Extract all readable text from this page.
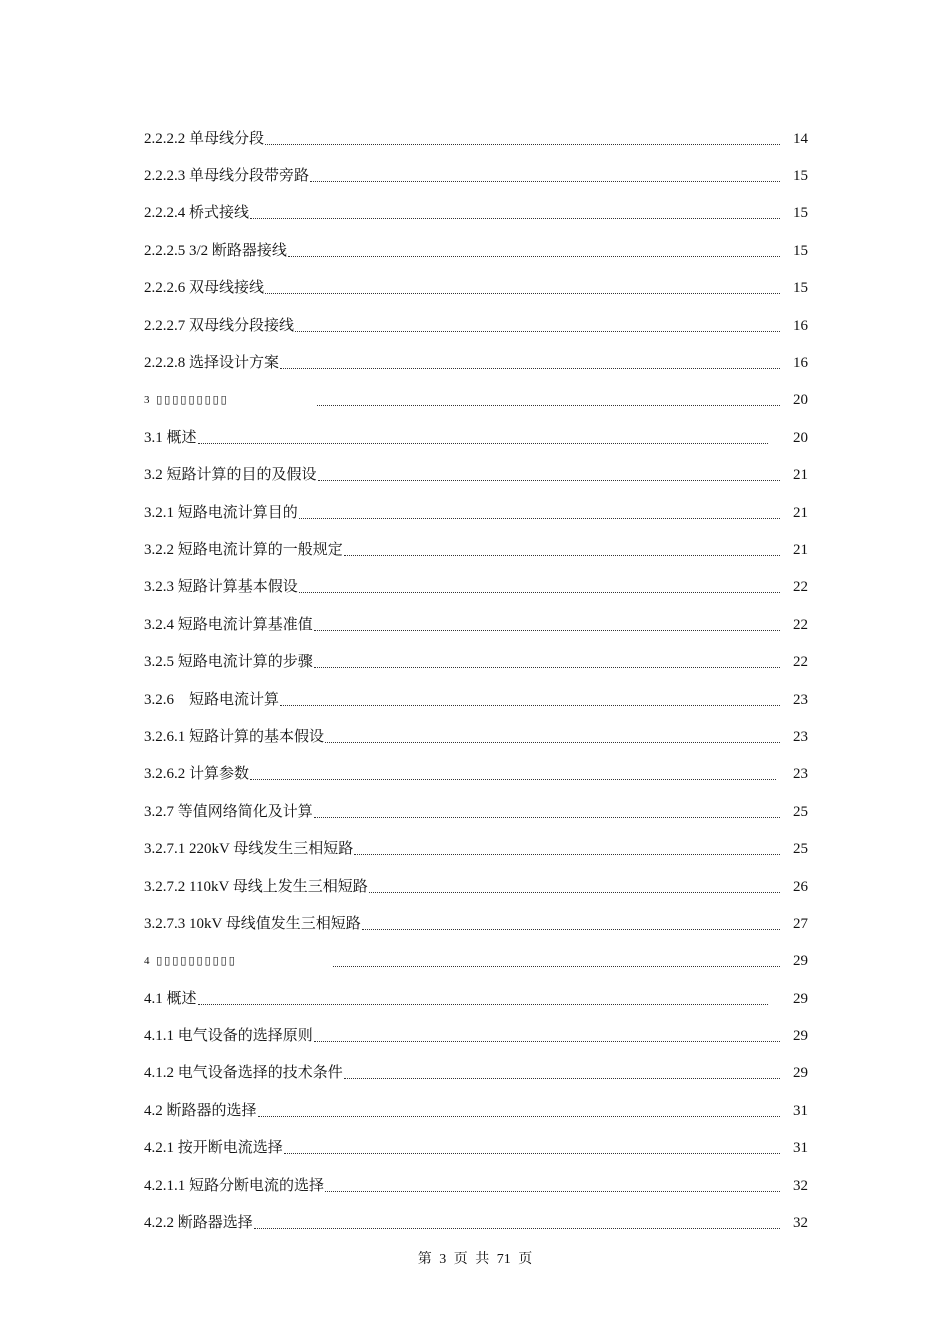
2.2.2.2 单母线分段	14
2.2.2.3 单母线分段带旁路	15
2.2.2.4 桥式接线	15
2.2.2.5 3/2 断路器接线	15
2.2.2.6 双母线接线	15
2.2.2.7 双母线分段接线	16
2.2.2.8 选择设计方案	16
3 ▯▯▯▯▯▯▯▯▯	20
3.1 概述	20
3.2 短路计算的目的及假设	21
3.2.1 短路电流计算目的	21
3.2.2 短路电流计算的一般规定	21
3.2.3 短路计算基本假设	22
3.2.4 短路电流计算基准值	22
3.2.5 短路电流计算的步骤	22
3.2.6    短路电流计算	23
3.2.6.1 短路计算的基本假设	23
3.2.6.2 计算参数	23
3.2.7 等值网络简化及计算	25
3.2.7.1 220kV 母线发生三相短路	25
3.2.7.2 110kV 母线上发生三相短路	26
3.2.7.3 10kV 母线值发生三相短路	27
4 ▯▯▯▯▯▯▯▯▯▯	29
4.1 概述	29
4.1.1 电气设备的选择原则	29
4.1.2 电气设备选择的技术条件	29
4.2 断路器的选择	31
4.2.1 按开断电流选择	31
4.2.1.1 短路分断电流的选择	32
4.2.2 断路器选择	32
第 3 页 共 71 页
